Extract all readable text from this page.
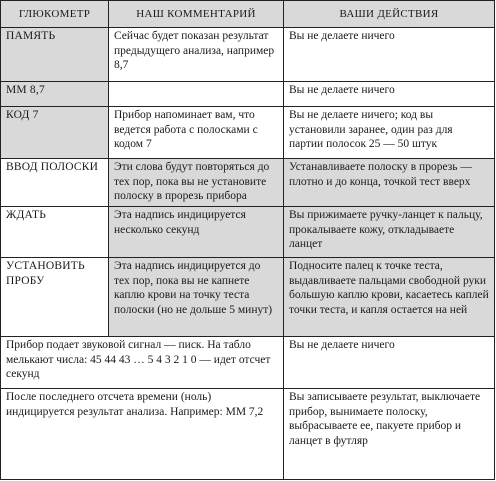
ГЛЮКОМЕТР	НАШ КОММЕНТАРИЙ	ВАШИ ДЕЙСТВИЯ
ПАМЯТЬ	Сейчас будет показан результат предыдущего анализа, например 8,7	Вы не делаете ничего
ММ 8,7		Вы не делаете ничего
КОД 7	Прибор напоминает вам, что ведется работа с полосками с кодом 7	Вы не делаете ничего; код вы установили заранее, один раз для партии полосок 25 — 50 штук
ВВОД ПОЛОСКИ	Эти слова будут повторяться до тех пор, пока вы не установите полоску в прорезь прибора	Устанавливаете полоску в прорезь — плотно и до конца, точкой тест вверх
ЖДАТЬ	Эта надпись индицируется несколько секунд	Вы прижимаете ручку-ланцет к пальцу, прокалываете кожу, откладываете ланцет
УСТАНОВИТЬ ПРОБУ	Эта надпись индицируется до тех пор, пока вы не капнете каплю крови на точку теста полоски (но не дольше 5 минут)	Подносите палец к точке теста, выдавливаете пальцами свободной руки большую каплю крови, касаетесь каплей точки теста, и капля остается на ней
Прибор подает звуковой сигнал — писк. На табло мелькают числа: 45 44 43 … 5 4 3 2 1 0 — идет отсчет секунд		Вы не делаете ничего
После последнего отсчета времени (ноль) индицируется результат анализа. Например: ММ 7,2		Вы записываете результат, выключаете прибор, вынимаете полоску, выбрасываете ее, пакуете прибор и ланцет в футляр
